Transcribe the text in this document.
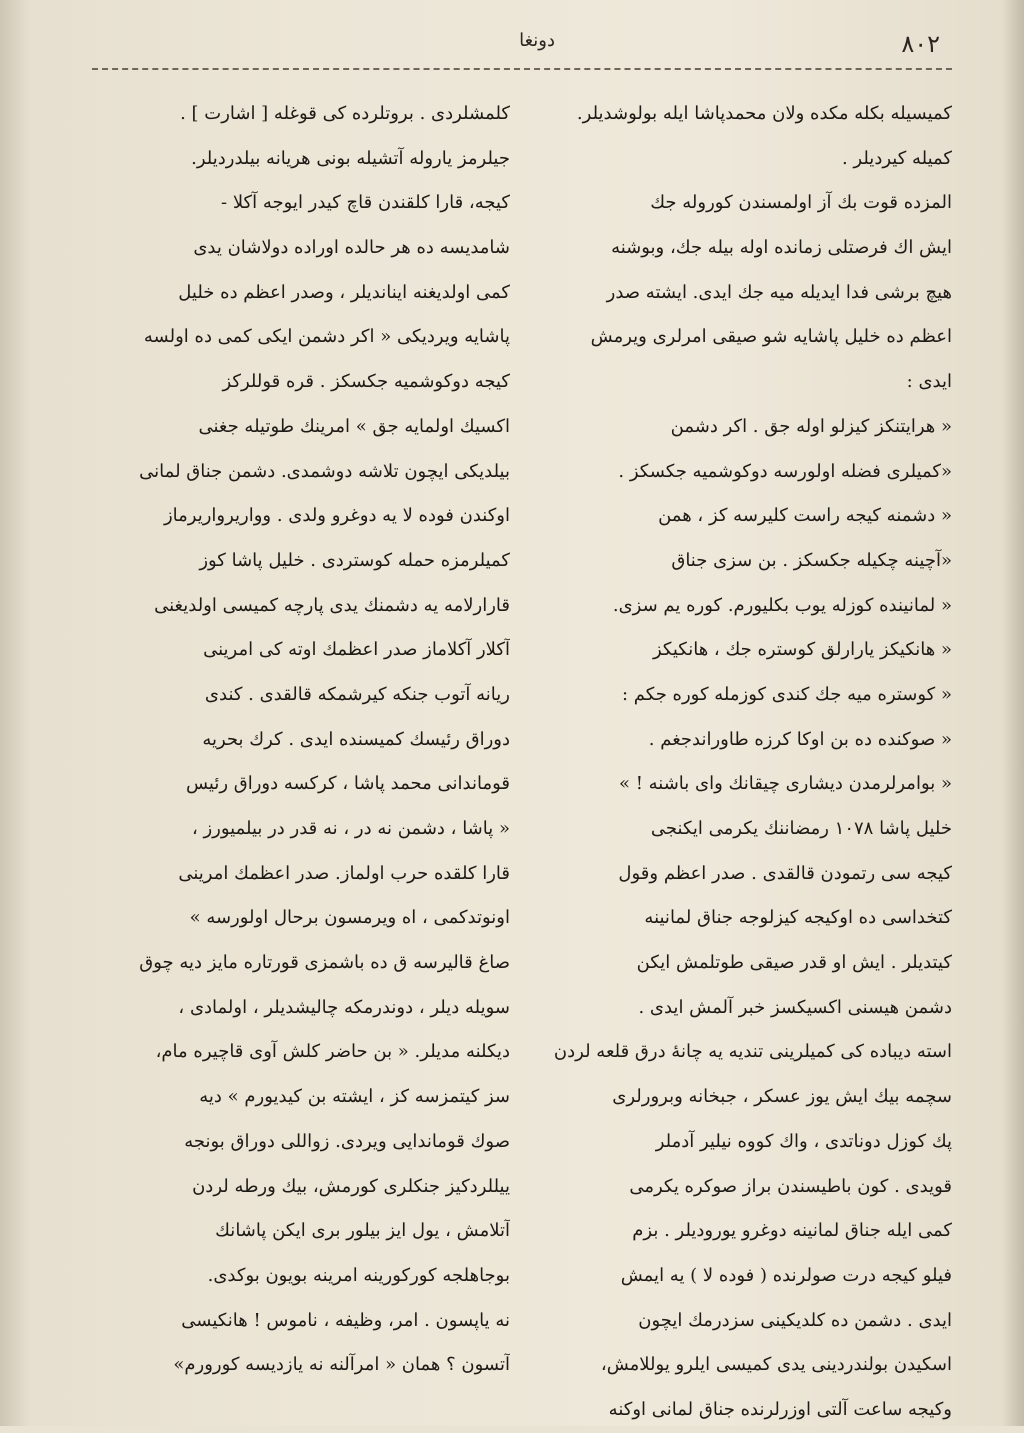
٨٠٢
دونغا
کمیسیله بکله مکده ولان محمدپاشا ایله بولوشدیلر.
کمیله کیردیلر .
المزده قوت بك آز اولمسندن کوروله جك
ایش اك فرصتلی زمانده اوله بیله جك، وبوشنه
هیچ برشی فدا ایدیله میه جك ایدی. ایشته صدر
اعظم ده خلیل پاشایه شو صیقی امرلری ویرمش
ایدی :
« هرایتنکز کیزلو اوله جق . اکر دشمن
«کمیلری فضله اولورسه دوکوشمیه جکسکز .
« دشمنه کیجه راست کلیرسه کز ، همن
«آچینه چکیله جکسکز . بن سزی جناق
« لمانینده کوزله یوب بکلیورم. کوره یم سزی.
« هانکیکز یارارلق کوستره جك ، هانکیکز
« کوستره میه جك کندی کوزمله کوره جکم :
« صوکنده ده بن اوکا کرزه طاوراندجغم .
« بوامرلرمدن دیشاری چیقانك وای باشنه ! »
خلیل پاشا ۱۰۷۸ رمضاننك یکرمی ایکنجی
کیجه سی رتمودن قالقدی . صدر اعظم وقول
کتخداسی ده اوکیجه کیزلوجه جناق لمانینه
کیتدیلر . ایش او قدر صیقی طوتلمش ایکن
دشمن هیسنی اکسیکسز خبر آلمش ایدی .
استه دیباده کی کمیلرینی تندیه یه چانهٔ درق قلعه لردن
سچمه بیك ایش یوز عسکر ، جبخانه وبرورلری
پك کوزل دوناتدی ، واك کووه نیلیر آدملر
قویدی . کون باطیسندن براز صوکره یکرمی
کمی ایله جناق لمانینه دوغرو یورودیلر . بزم
فیلو کیجه درت صولرنده ( فوده لا ) یه ایمش
ایدی . دشمن ده کلدیکینی سزدرمك ایچون
اسکیدن بولندردینی یدی کمیسی ایلرو یوللامش،
وکیجه ساعت آلتی اوزرلرنده جناق لمانی اوکنه
کلمشلردی . بروتلرده کی قوغله [ اشارت ] .
جیلرمز یاروله آتشیله بونی هریانه بیلدردیلر.
کیجه، قارا کلقندن قاچ کیدر ایوجه آکلا -
شامدیسه ده هر حالده اوراده دولاشان یدی
کمی اولدیغنه ایناندیلر ، وصدر اعظم ده خلیل
پاشایه ویردیکی « اکر دشمن ایکی کمی ده اولسه
کیجه دوکوشمیه جکسکز . قره قوللرکز
اکسیك اولمایه جق » امرینك طوتیله جغنی
بیلدیکی ایچون تلاشه دوشمدی. دشمن جناق لمانی
اوکندن فوده لا یه دوغرو ولدی . وواریرواریرماز
کمیلرمزه حمله کوستردی . خلیل پاشا کوز
قارارلامه یه دشمنك یدی پارچه کمیسی اولدیغنی
آکلار آکلاماز صدر اعظمك اوته کی امرینی
ریانه آتوب جنکه کیرشمکه قالقدی . کندی
دوراق رئیسك کمیسنده ایدی . کرك بحریه
قوماندانی محمد پاشا ، کرکسه دوراق رئیس
« پاشا ، دشمن نه در ، نه قدر در بیلمیورز ،
قارا کلقده حرب اولماز. صدر اعظمك امرینی
اونوتدکمی ، اه ویرمسون برحال اولورسه »
صاغ قالیرسه ق ده باشمزی قورتاره مایز دیه چوق
سویله دیلر ، دوندرمکه چالیشدیلر ، اولمادی ،
دیکلنه مدیلر. « بن حاضر کلش آوی قاچیره مام،
سز کیتمزسه کز ، ایشته بن کیدیورم » دیه
صوك قوماندایی ویردی. زواللی دوراق بونجه
ییللردکیز جنکلری کورمش، بیك ورطه لردن
آتلامش ، یول ایز بیلور بری ایکن پاشانك
بوجاهلجه کورکورینه امرینه بویون بوکدی.
نه یاپسون . امر، وظیفه ، ناموس ! هانکیسی
آتسون ؟ همان « امرآلنه نه یازدیسه کورورم»
